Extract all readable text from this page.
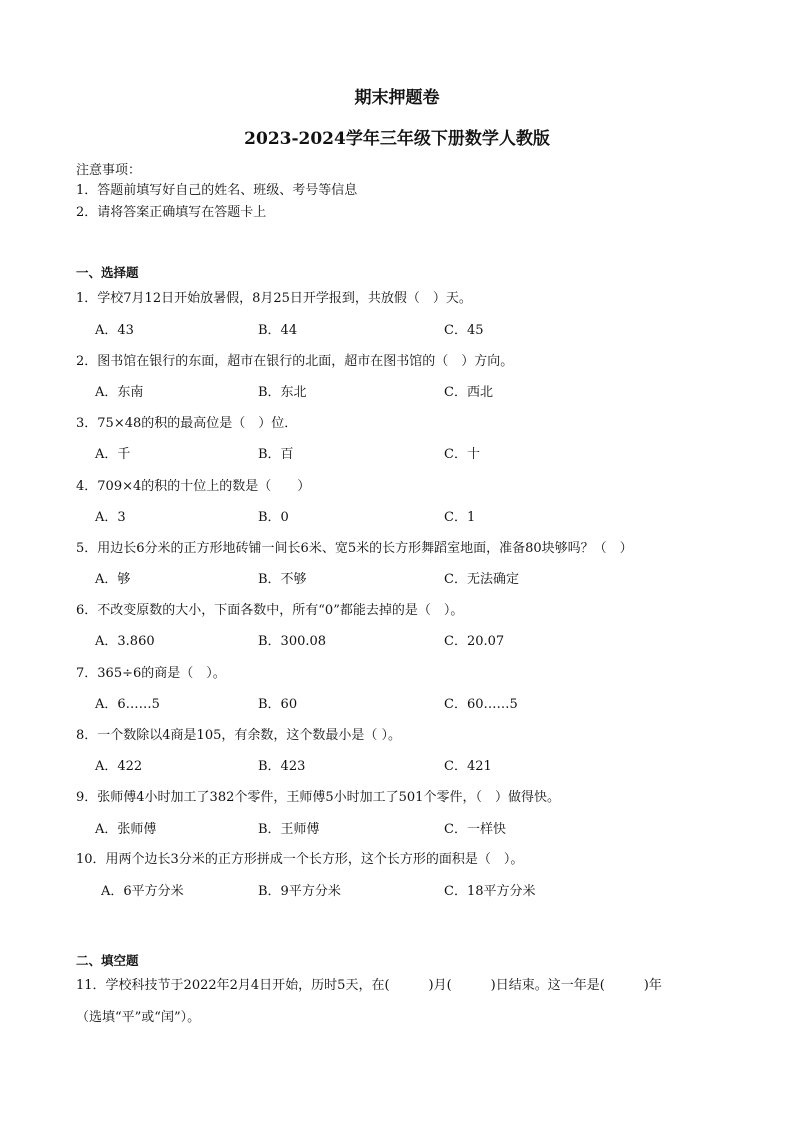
期末押题卷
2023-2024学年三年级下册数学人教版
注意事项：
1．答题前填写好自己的姓名、班级、考号等信息
2．请将答案正确填写在答题卡上
一、选择题
1．学校7月12日开始放暑假，8月25日开学报到，共放假（　）天。
A．43	B．44	C．45
2．图书馆在银行的东面，超市在银行的北面，超市在图书馆的（　）方向。
A．东南	B．东北	C．西北
3．75×48的积的最高位是（　）位．
A．千	B．百	C．十
4．709×4的积的十位上的数是（　　）
A．3	B．0	C．1
5．用边长6分米的正方形地砖铺一间长6米、宽5米的长方形舞蹈室地面，准备80块够吗？（　）
A．够	B．不够	C．无法确定
6．不改变原数的大小，下面各数中，所有“0”都能去掉的是（　）。
A．3.860	B．300.08	C．20.07
7．365÷6的商是（　）。
A．6……5	B．60	C．60……5
8．一个数除以4商是105，有余数，这个数最小是（ ）。
A．422	B．423	C．421
9．张师傅4小时加工了382个零件，王师傅5小时加工了501个零件，（　）做得快。
A．张师傅	B．王师傅	C．一样快
10．用两个边长3分米的正方形拼成一个长方形，这个长方形的面积是（　）。
A．6平方分米	B．9平方分米	C．18平方分米
二、填空题
11．学校科技节于2022年2月4日开始，历时5天，在(　　　)月(　　　)日结束。这一年是(　　　)年
（选填“平”或“闰”）。
